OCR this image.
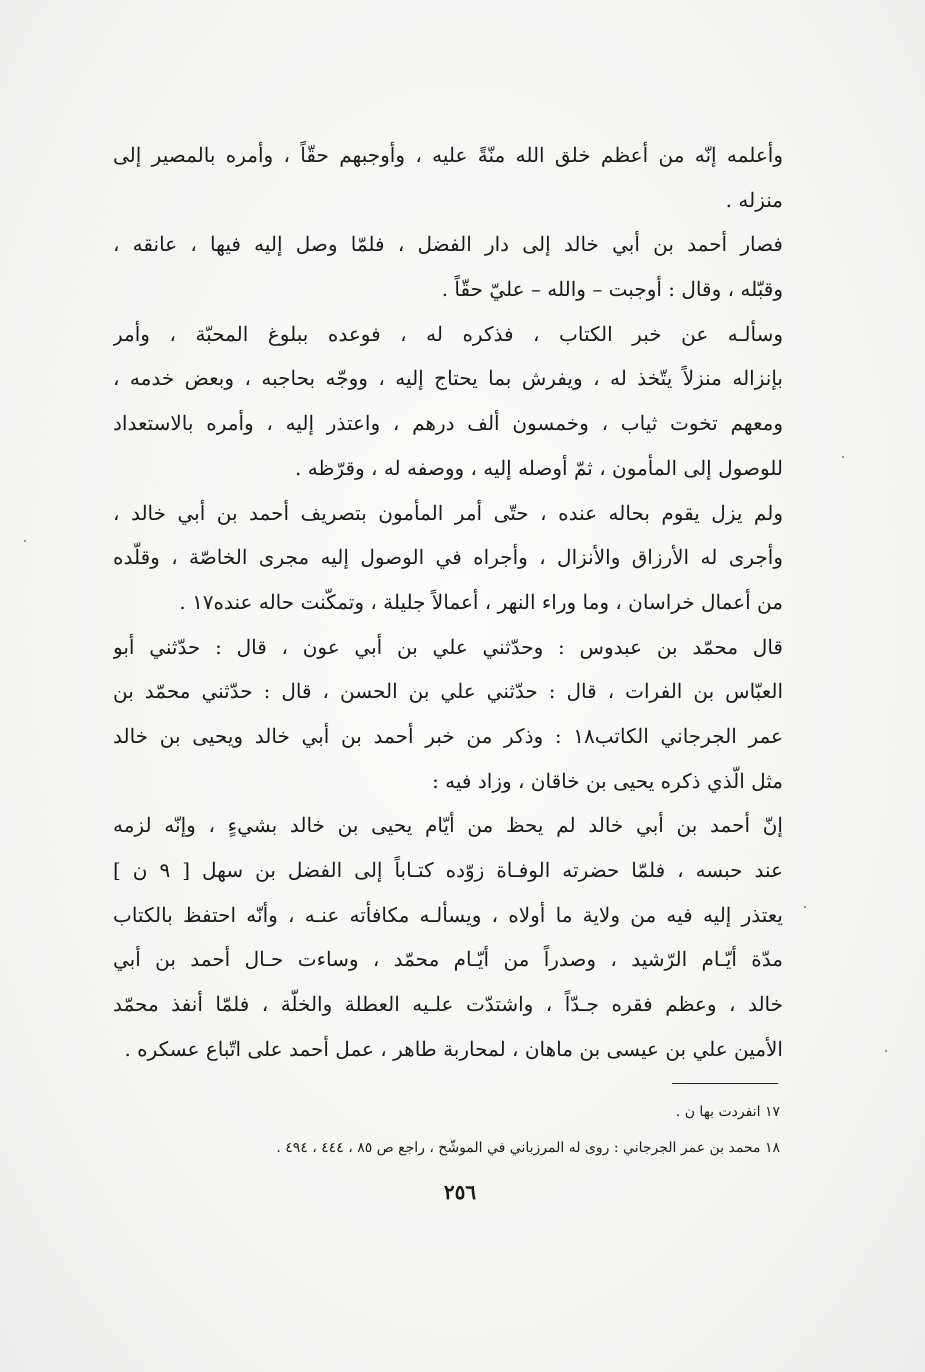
وأعلمه إنّه من أعظم خلق الله منّةً عليه ، وأوجبهم حقّاً ، وأمره بالمصير إلى
منزله .
فصار أحمد بن أبي خالد إلى دار الفضل ، فلمّا وصل إليه فيها ، عانقه ،
وقبّله ، وقال : أوجبت – والله – عليّ حقّاً .
وسألـه عن خبر الكتاب ، فذكره له ، فوعده ببلوغ المحبّة ، وأمر
بإنزاله منزلاً يتّخذ له ، ويفرش بما يحتاج إليه ، ووجّه بحاجبه ، وبعض خدمه ،
ومعهم تخوت ثياب ، وخمسون ألف درهم ، واعتذر إليه ، وأمره بالاستعداد
للوصول إلى المأمون ، ثمّ أوصله إليه ، ووصفه له ، وقرّظه .
ولم يزل يقوم بحاله عنده ، حتّى أمر المأمون بتصريف أحمد بن أبي خالد ،
وأجرى له الأرزاق والأنزال ، وأجراه في الوصول إليه مجرى الخاصّة ، وقلّده
من أعمال خراسان ، وما وراء النهر ، أعمالاً جليلة ، وتمكّنت حاله عنده١٧ .
قال محمّد بن عبدوس : وحدّثني علي بن أبي عون ، قال : حدّثني أبو
العبّاس بن الفرات ، قال : حدّثني علي بن الحسن ، قال : حدّثني محمّد بن
عمر الجرجاني الكاتب١٨ : وذكر من خبر أحمد بن أبي خالد ويحيى بن خالد
مثل الّذي ذكره يحيى بن خاقان ، وزاد فيه :
إنّ أحمد بن أبي خالد لم يحظ من أيّام يحيى بن خالد بشيءٍ ، وإنّه لزمه
عند حبسه ، فلمّا حضرته الوفـاة زوّده كتـاباً إلى الفضل بن سهل [ ٩ ن ]
يعتذر إليه فيه من ولاية ما أولاه ، ويسألـه مكافأته عنـه ، وأنّه احتفظ بالكتاب
مدّة أيّـام الرّشيد ، وصدراً من أيّـام محمّد ، وساءت حـال أحمد بن أبي
خالد ، وعظم فقره جـدّاً ، واشتدّت علـيه العطلة والخلّة ، فلمّا أنفذ محمّد
الأمين علي بن عيسى بن ماهان ، لمحاربة طاهر ، عمل أحمد على اتّباع عسكره .
١٧ انفردت بها ن .
١٨ محمد بن عمر الجرجاني : روى له المرزباني في الموشّح ، راجع ص ٨٥ ، ٤٤٤ ، ٤٩٤ .
٢٥٦
